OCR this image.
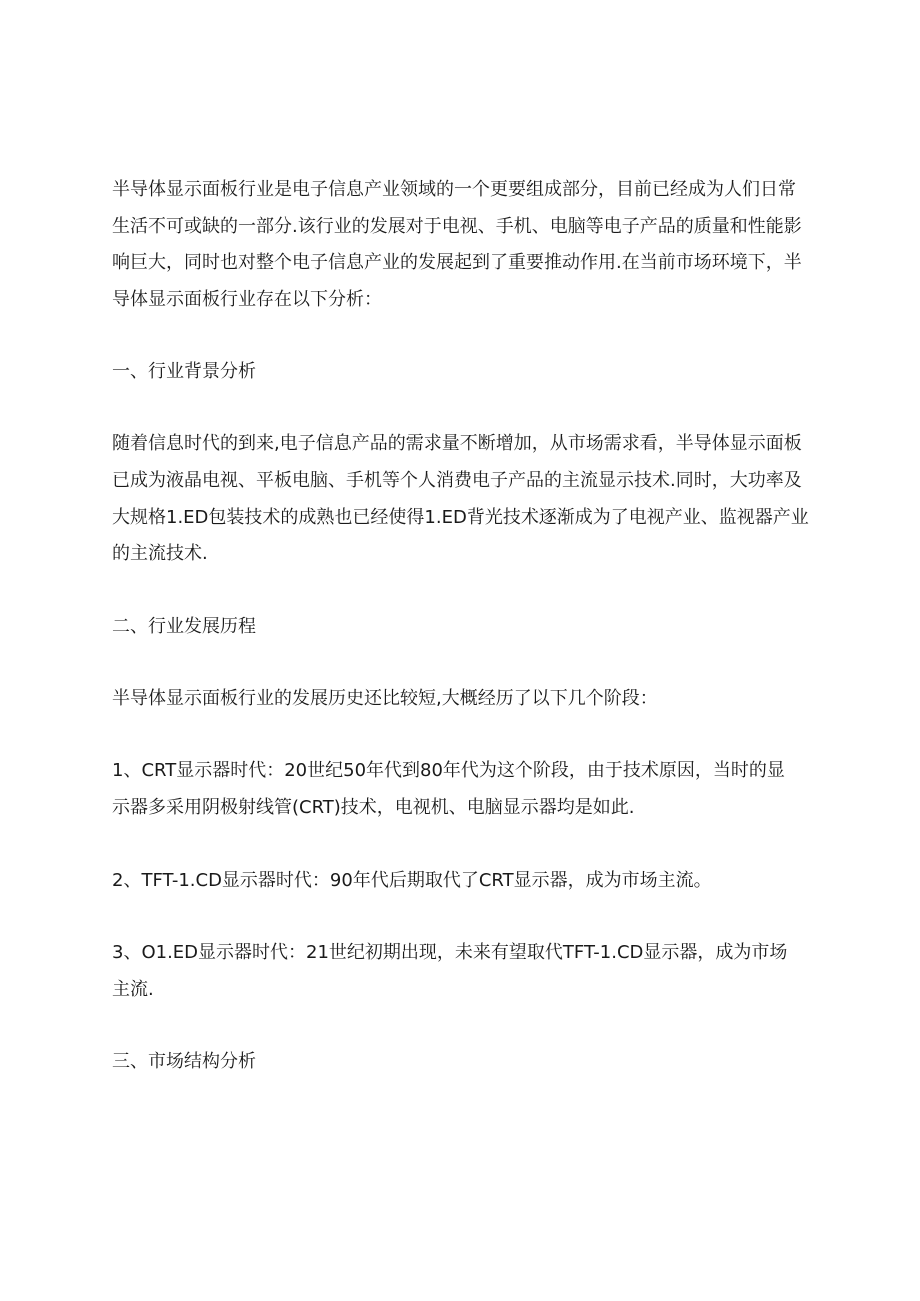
半导体显示面板行业是电子信息产业领域的一个更要组成部分，目前已经成为人们日常
生活不可或缺的一部分.该行业的发展对于电视、手机、电脑等电子产品的质量和性能影
响巨大，同时也对整个电子信息产业的发展起到了重要推动作用.在当前市场环境下，半
导体显示面板行业存在以下分析：

一、行业背景分析

随着信息时代的到来,电子信息产品的需求量不断增加，从市场需求看，半导体显示面板
已成为液晶电视、平板电脑、手机等个人消费电子产品的主流显示技术.同时，大功率及
大规格1.ED包装技术的成熟也已经使得1.ED背光技术逐渐成为了电视产业、监视器产业
的主流技术.

二、行业发展历程

半导体显示面板行业的发展历史还比较短,大概经历了以下几个阶段：

1、CRT显示器时代：20世纪50年代到80年代为这个阶段，由于技术原因，当时的显
示器多采用阴极射线管(CRT)技术，电视机、电脑显示器均是如此.

2、TFT-1.CD显示器时代：90年代后期取代了CRT显示器，成为市场主流。

3、O1.ED显示器时代：21世纪初期出现，未来有望取代TFT-1.CD显示器，成为市场
主流.

三、市场结构分析
